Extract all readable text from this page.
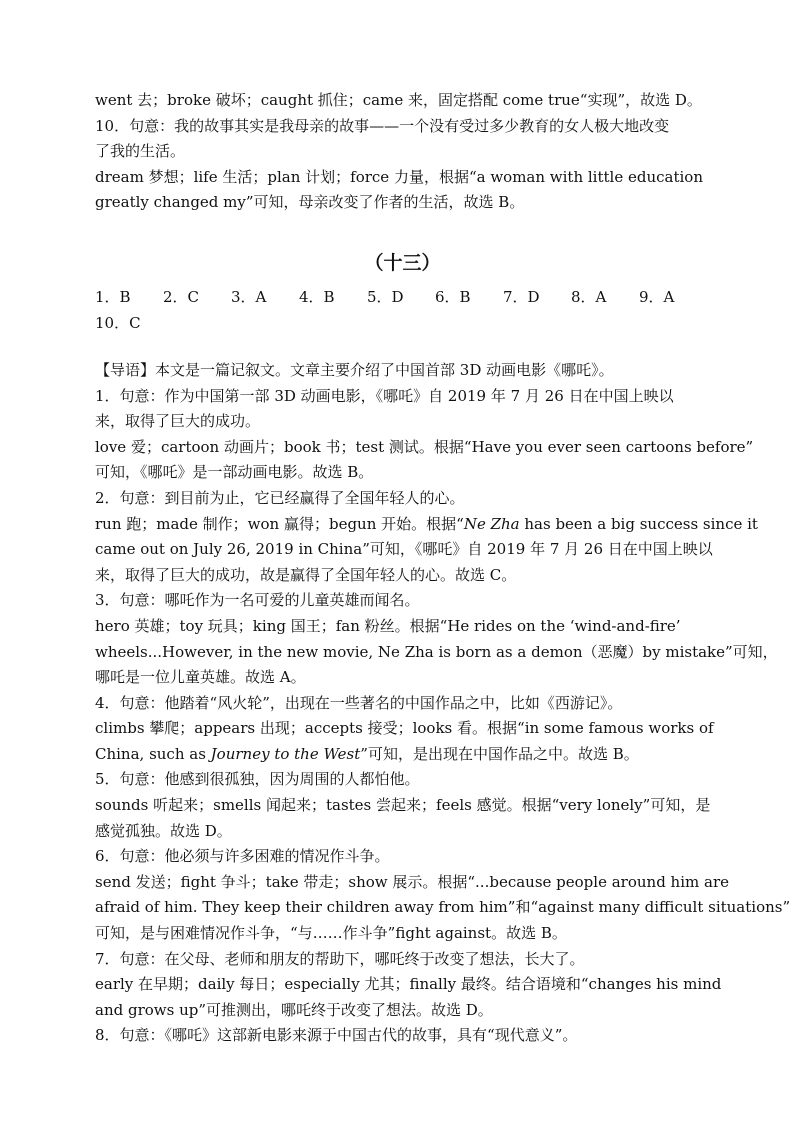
went 去；broke 破坏；caught 抓住；came 来，固定搭配 come true“实现”，故选 D。
10．句意：我的故事其实是我母亲的故事——一个没有受过多少教育的女人极大地改变
了我的生活。
dream 梦想；life 生活；plan 计划；force 力量，根据“a woman with little education
greatly changed my”可知，母亲改变了作者的生活，故选 B。
（十三）
1．B 2．C 3．A 4．B 5．D 6．B 7．D 8．A 9．A
10．C
【导语】本文是一篇记叙文。文章主要介绍了中国首部 3D 动画电影《哪吒》。
1．句意：作为中国第一部 3D 动画电影，《哪吒》自 2019 年 7 月 26 日在中国上映以
来，取得了巨大的成功。
love 爱；cartoon 动画片；book 书；test 测试。根据“Have you ever seen cartoons before”
可知，《哪吒》是一部动画电影。故选 B。
2．句意：到目前为止，它已经赢得了全国年轻人的心。
run 跑；made 制作；won 赢得；begun 开始。根据“Ne Zha has been a big success since it
came out on July 26, 2019 in China”可知，《哪吒》自 2019 年 7 月 26 日在中国上映以
来，取得了巨大的成功，故是赢得了全国年轻人的心。故选 C。
3．句意：哪吒作为一名可爱的儿童英雄而闻名。
hero 英雄；toy 玩具；king 国王；fan 粉丝。根据“He rides on the ‘wind-and-fire’
wheels...However, in the new movie, Ne Zha is born as a demon（恶魔）by mistake”可知，
哪吒是一位儿童英雄。故选 A。
4．句意：他踏着“风火轮”，出现在一些著名的中国作品之中，比如《西游记》。
climbs 攀爬；appears 出现；accepts 接受；looks 看。根据“in some famous works of
China, such as Journey to the West”可知，是出现在中国作品之中。故选 B。
5．句意：他感到很孤独，因为周围的人都怕他。
sounds 听起来；smells 闻起来；tastes 尝起来；feels 感觉。根据“very lonely”可知，是
感觉孤独。故选 D。
6．句意：他必须与许多困难的情况作斗争。
send 发送；fight 争斗；take 带走；show 展示。根据“...because people around him are
afraid of him. They keep their children away from him”和“against many difficult situations”
可知，是与困难情况作斗争，“与……作斗争”fight against。故选 B。
7．句意：在父母、老师和朋友的帮助下，哪吒终于改变了想法，长大了。
early 在早期；daily 每日；especially 尤其；finally 最终。结合语境和“changes his mind
and grows up”可推测出，哪吒终于改变了想法。故选 D。
8．句意：《哪吒》这部新电影来源于中国古代的故事，具有“现代意义”。
